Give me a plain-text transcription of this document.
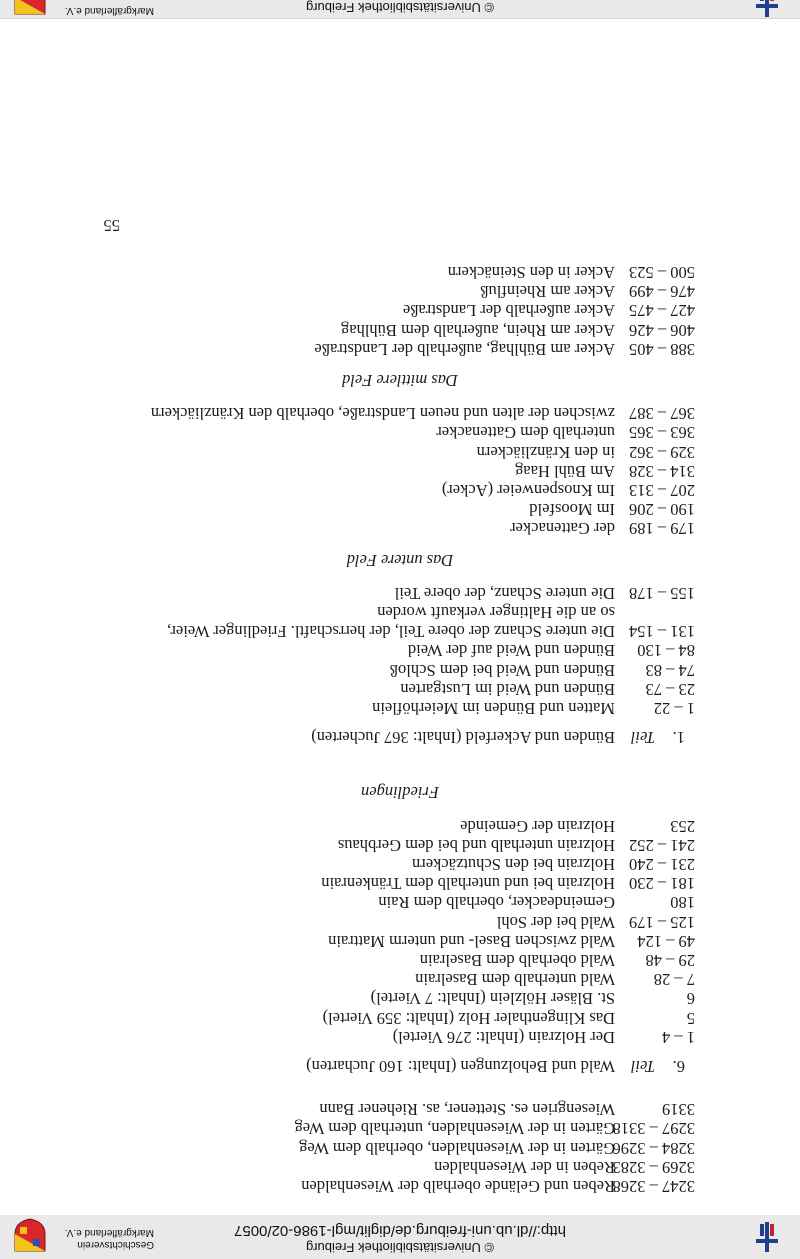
© Universitätsbibliothek Freiburg
http://dl.ub.uni-freiburg.de/diglit/mgl-1986-02/0057
Geschichtsverein
Markgräflerland e.V.
3247 – 3268
Reben und Gelände oberhalb der Wiesenhalden
3269 – 3283
Reben in der Wiesenhalden
3284 – 3296
Gärten in der Wiesenhalden, oberhalb dem Weg
3297 – 3318
Gärten in der Wiesenhalden, unterhalb dem Weg
3319
Wiesengrien es. Stettener, as. Riehener Bann
6.
Teil
Wald und Beholzungen (Inhalt: 160 Jucharten)
1 – 4
Der Holzrain (Inhalt: 276 Viertel)
5
Das Klingenthaler Holz (Inhalt: 359 Viertel)
6
St. Bläser Hölzlein (Inhalt: 7 Viertel)
7 – 28
Wald unterhalb dem Baselrain
29 – 48
Wald oberhalb dem Baselrain
49 – 124
Wald zwischen Basel- und unterm Mattrain
125 – 179
Wald bei der Sohl
180
Gemeindeacker, oberhalb dem Rain
181 – 230
Holzrain bei und unterhalb dem Tränkenrain
231 – 240
Holzrain bei den Schutzäckern
241 – 252
Holzrain unterhalb und bei dem Gerbhaus
253
Holzrain der Gemeinde
Friedlingen
1.
Teil
Bünden und Ackerfeld (Inhalt: 367 Jucherten)
1 – 22
Matten und Bünden im Meierhöflein
23 – 73
Bünden und Weid im Lustgarten
74 – 83
Bünden und Weid bei dem Schloß
84 – 130
Bünden und Weid auf der Weid
131 – 154
Die untere Schanz der obere Teil, der herrschaftl. Friedlinger Weier,
so an die Haltinger verkauft worden
155 – 178
Die untere Schanz, der obere Teil
Das untere Feld
179 – 189
der Gattenacker
190 – 206
Im Moosfeld
207 – 313
Im Knospenweier (Acker)
314 – 328
Am Bühl Haag
329 – 362
in den Kränzliäckern
363 – 365
unterhalb dem Gattenacker
367 – 387
zwischen der alten und neuen Landstraße, oberhalb den Kränzliäckern
Das mittlere Feld
388 – 405
Acker am Bühlhag, außerhalb der Landstraße
406 – 426
Acker am Rhein, außerhalb dem Bühlhag
427 – 475
Acker außerhalb der Landstraße
476 – 499
Acker am Rheinfluß
500 – 523
Acker in den Steinäckern
55
© Universitätsbibliothek Freiburg
Markgräflerland e.V.
